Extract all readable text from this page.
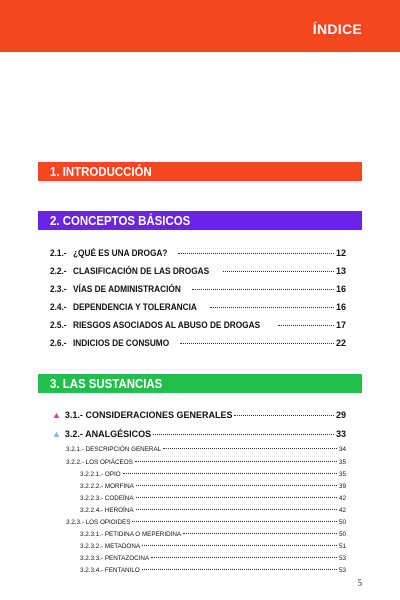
ÍNDICE
1. INTRODUCCIÓN
2. CONCEPTOS BÁSICOS
2.1.- ¿QUÉ ES UNA DROGA?	12
2.2.- CLASIFICACIÓN DE LAS DROGAS	13
2.3.- VÍAS DE ADMINISTRACIÓN	16
2.4.- DEPENDENCIA Y TOLERANCIA	16
2.5.- RIESGOS ASOCIADOS AL ABUSO DE DROGAS	17
2.6.- INDICIOS DE CONSUMO	22
3. LAS SUSTANCIAS
▲ 3.1.- CONSIDERACIONES GENERALES	29
▲ 3.2.- ANALGÉSICOS	33
3.2.1.- DESCRIPCIÓN GENERAL	34
3.2.2.- LOS OPIÁCEOS	35
3.2.2.1.- OPIO	35
3.2.2.2.- MORFINA	39
3.2.2.3.- CODEÍNA	42
3.2.2.4.- HEROÍNA	42
3.2.3.- LOS OPIOIDES	50
3.2.3.1.- PETIDINA O MEPERIDINA	50
3.2.3.2.- METADONA	51
3.2.3.3.- PENTAZOCINA	53
3.2.3.4.- FENTANILO	53
5
